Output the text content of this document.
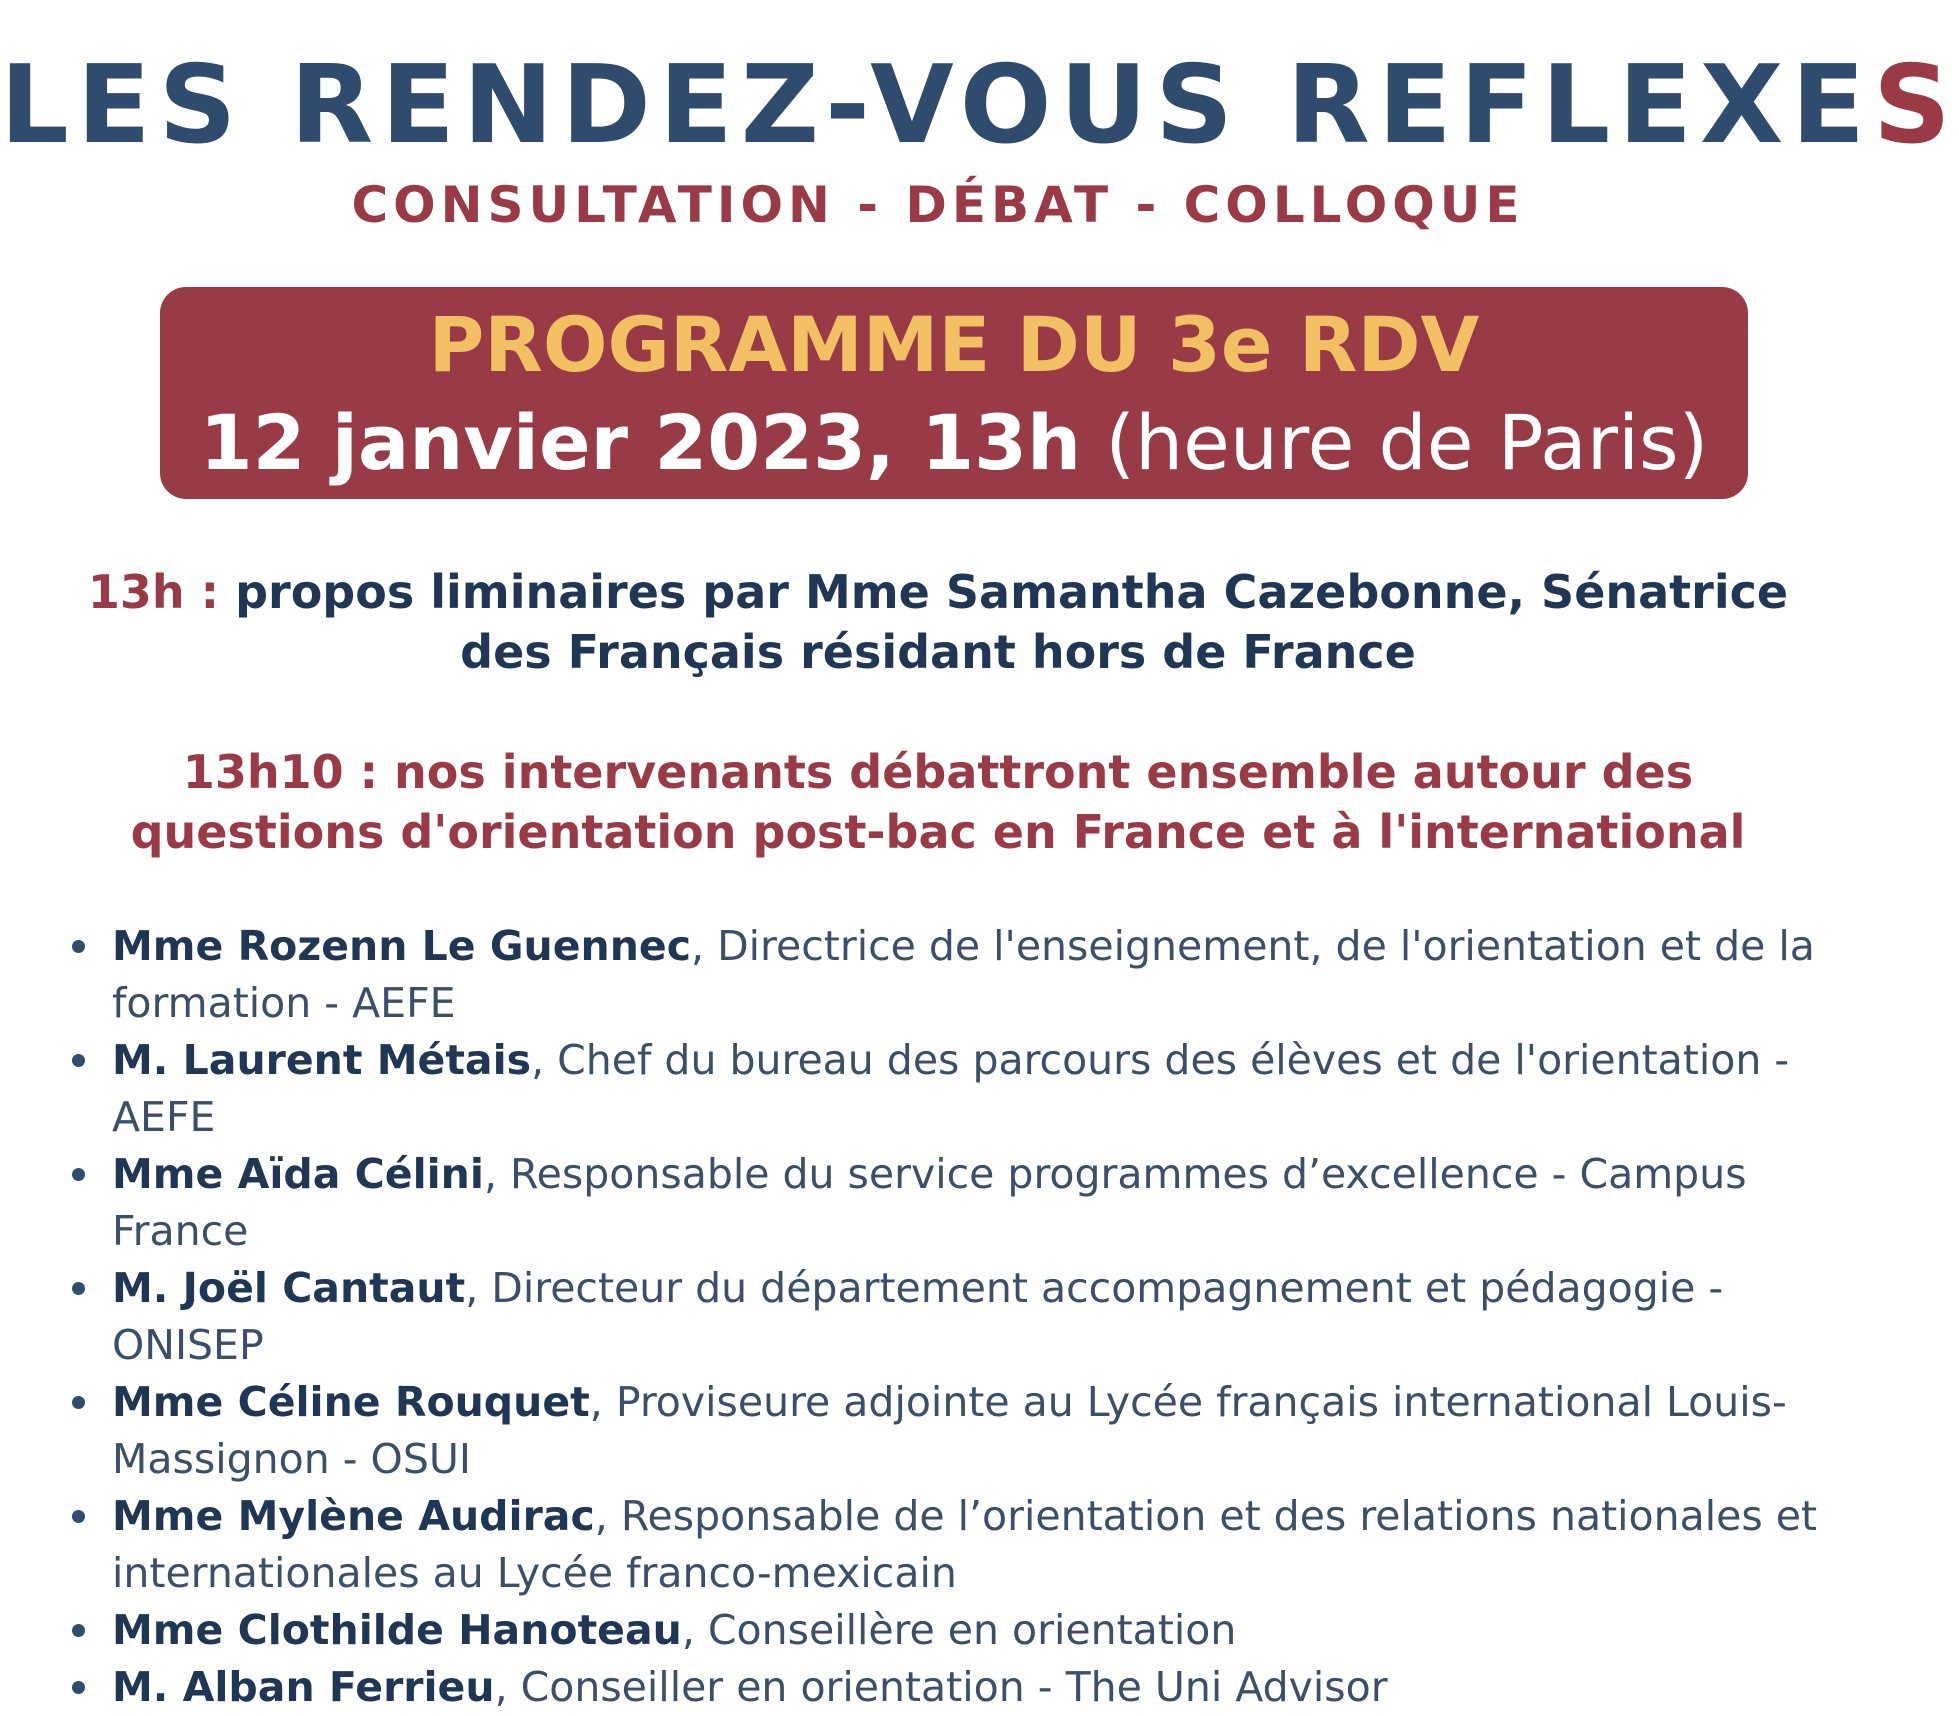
LES RENDEZ-VOUS REFLEXES
CONSULTATION - DÉBAT - COLLOQUE
PROGRAMME DU 3e RDV
12 janvier 2023, 13h (heure de Paris)
13h : propos liminaires par Mme Samantha Cazebonne, Sénatrice des Français résidant hors de France
13h10 : nos intervenants débattront ensemble autour des questions d'orientation post-bac en France et à l'international
Mme Rozenn Le Guennec, Directrice de l'enseignement, de l'orientation et de la formation - AEFE
M. Laurent Métais, Chef du bureau des parcours des élèves et de l'orientation - AEFE
Mme Aïda Célini, Responsable du service programmes d’excellence - Campus France
M. Joël Cantaut, Directeur du département accompagnement et pédagogie - ONISEP
Mme Céline Rouquet, Proviseure adjointe au Lycée français international Louis-Massignon - OSUI
Mme Mylène Audirac, Responsable de l’orientation et des relations nationales et internationales au Lycée franco-mexicain
Mme Clothilde Hanoteau, Conseillère en orientation
M. Alban Ferrieu, Conseiller en orientation - The Uni Advisor
